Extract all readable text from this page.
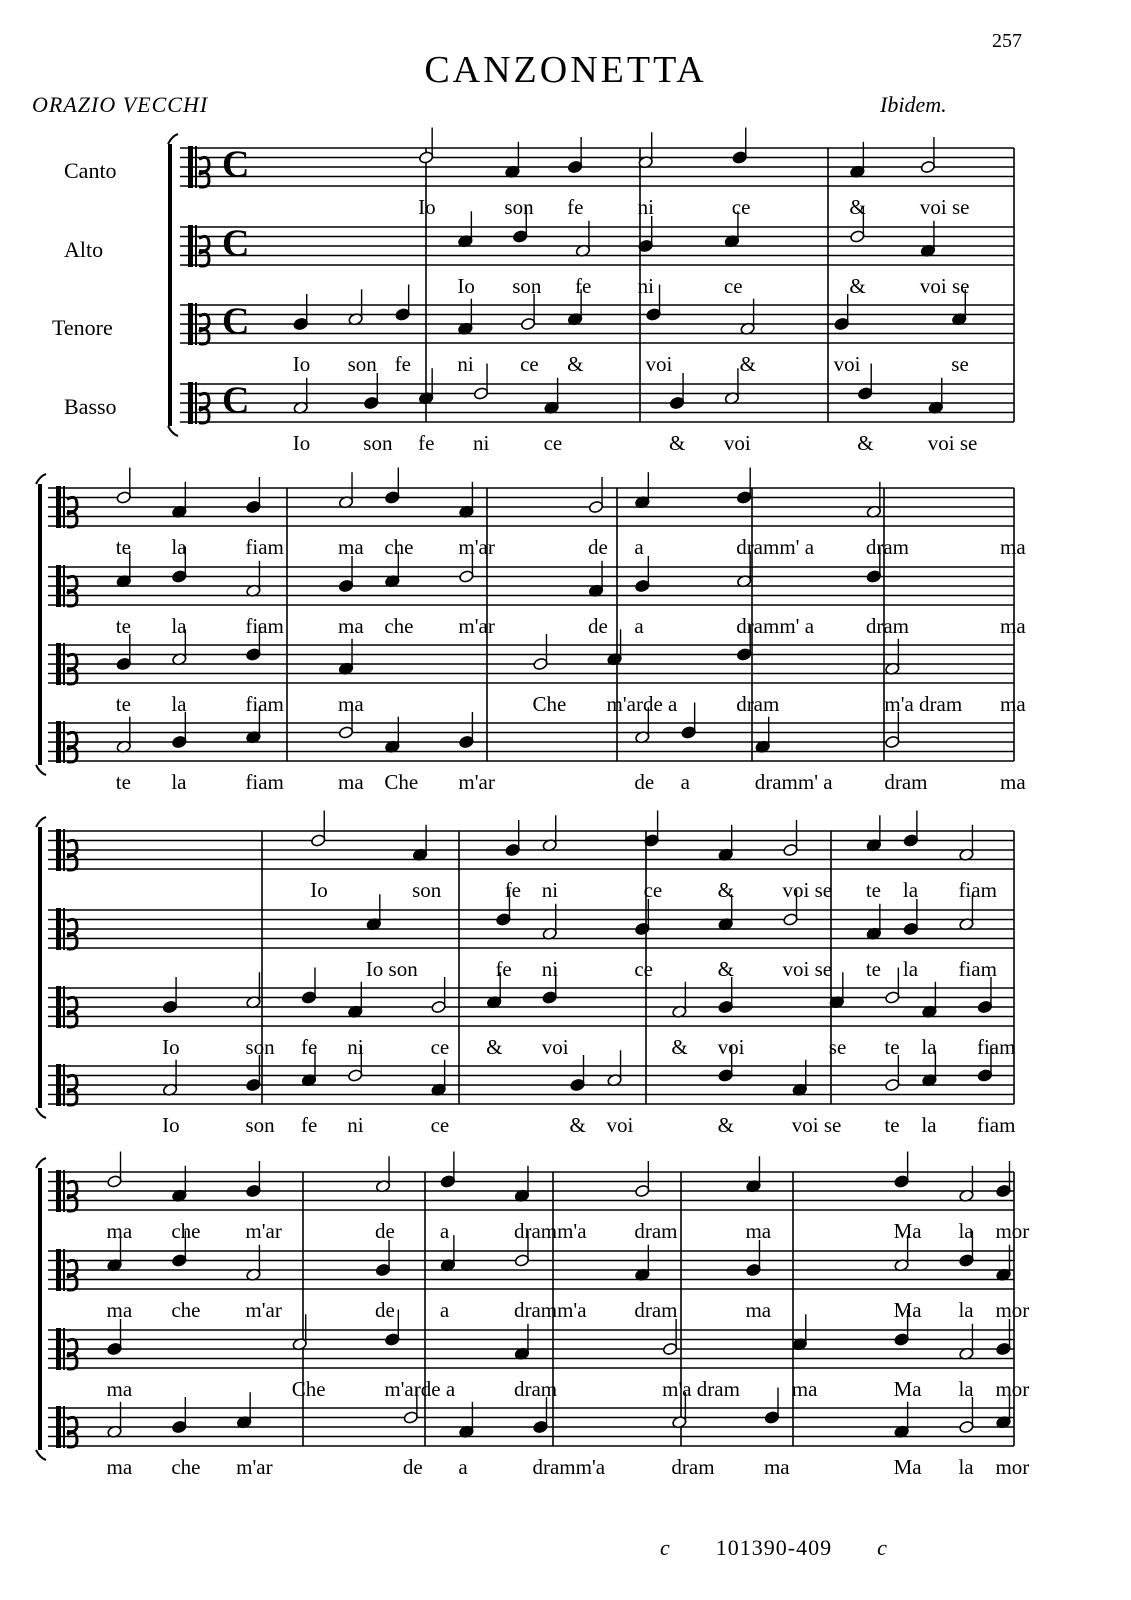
257
CANZONETTA
ORAZIO VECCHI	Ibidem.
Canto
Alto
Tenore
Basso
C
C
C
C
Io	son fe	ni	ce	&	voi se
Io son fe ni	ce	&	voi se
Io son fe ni ce &	voi	&	voi	se
Io	son fe ni	ce	& voi	&	voi se
te la	fiam	ma che m'ar	de a	dramm' a dram	ma
te la	fiam	ma che m'ar	de a	dramm' a dram	ma
te la	fiam	ma	Che m'arde a	dram	m'a dram ma
te la	fiam	ma Che m'ar	de a	dramm' a dram	ma
Io	son	fe ni	ce	& voi se te la fiam
Io son	fe ni	ce	& voi se te la fiam
Io	son fe ni	ce & voi	& voi	se te la fiam
Io	son fe ni	ce	& voi	&	voi se te la fiam
ma che m'ar	de a	dramm'a dram	ma	Ma la mor
ma che m'ar	de a	dramm'a dram	ma	Ma la mor
ma	Che	m'arde a	dram	m'a dram ma	Ma la mor
ma che m'ar	de a	dramm'a	dram ma	Ma la mor
c 101390-409 c
